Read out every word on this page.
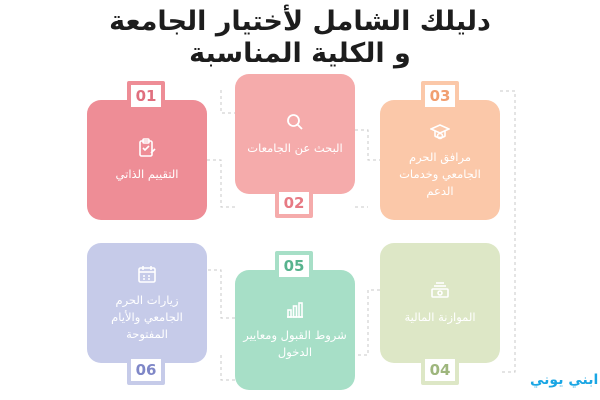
دليلك الشامل لأختيار الجامعة
و الكلية المناسبة
التقييم الذاتي
01
البحث عن الجامعات
02
مرافق الحرم الجامعي وخدمات الدعم
03
الموازنة المالية
04
شروط القبول ومعايير الدخول
05
زيارات الحرم الجامعي والأيام المفتوحة
06
ابني يوني
